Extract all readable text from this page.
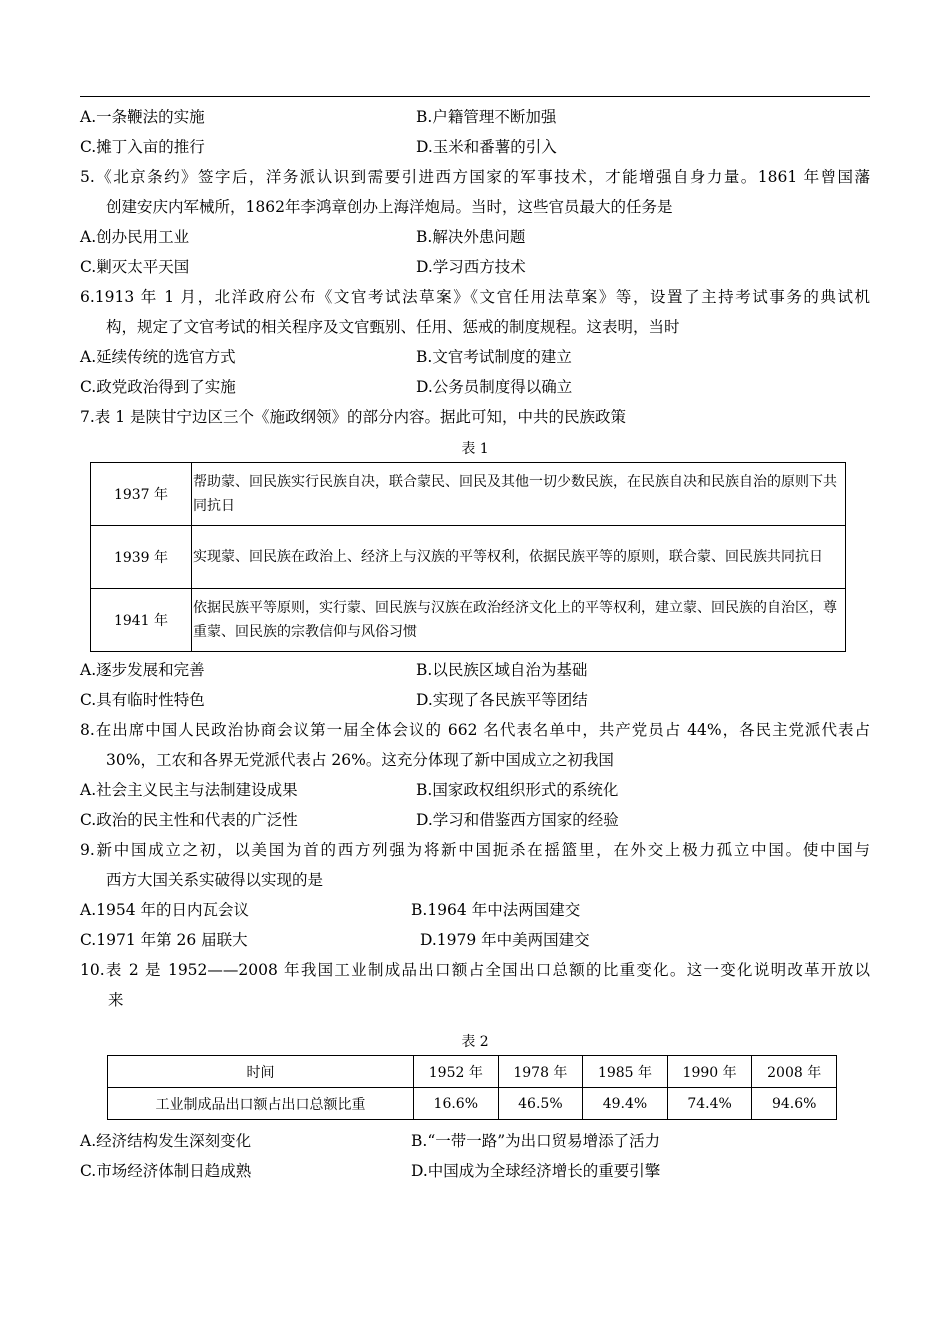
A.一条鞭法的实施	B.户籍管理不断加强
C.摊丁入亩的推行	D.玉米和番薯的引入
5.《北京条约》签字后，洋务派认识到需要引进西方国家的军事技术，才能增强自身力量。1861 年曾国藩
创建安庆内军械所，1862年李鸿章创办上海洋炮局。当时，这些官员最大的任务是
A.创办民用工业	B.解决外患问题
C.剿灭太平天国	D.学习西方技术
6.1913 年 1 月，北洋政府公布《文官考试法草案》《文官任用法草案》等，设置了主持考试事务的典试机
构，规定了文官考试的相关程序及文官甄别、任用、惩戒的制度规程。这表明，当时
A.延续传统的选官方式	B.文官考试制度的建立
C.政党政治得到了实施	D.公务员制度得以确立
7.表 1 是陕甘宁边区三个《施政纲领》的部分内容。据此可知，中共的民族政策
表 1
1937 年	帮助蒙、回民族实行民族自决，联合蒙民、回民及其他一切少数民族，在民族自决和民族自治的原则下共同抗日
1939 年	实现蒙、回民族在政治上、经济上与汉族的平等权利，依据民族平等的原则，联合蒙、回民族共同抗日
1941 年	依据民族平等原则，实行蒙、回民族与汉族在政治经济文化上的平等权利，建立蒙、回民族的自治区，尊重蒙、回民族的宗教信仰与风俗习惯
A.逐步发展和完善	B.以民族区域自治为基础
C.具有临时性特色	D.实现了各民族平等团结
8.在出席中国人民政治协商会议第一届全体会议的 662 名代表名单中，共产党员占 44%，各民主党派代表占
30%，工农和各界无党派代表占 26%。这充分体现了新中国成立之初我国
A.社会主义民主与法制建设成果	B.国家政权组织形式的系统化
C.政治的民主性和代表的广泛性	D.学习和借鉴西方国家的经验
9.新中国成立之初，以美国为首的西方列强为将新中国扼杀在摇篮里，在外交上极力孤立中国。使中国与
西方大国关系实破得以实现的是
A.1954 年的日内瓦会议	B.1964 年中法两国建交
C.1971 年第 26 届联大	D.1979 年中美两国建交
10.表 2 是 1952——2008 年我国工业制成品出口额占全国出口总额的比重变化。这一变化说明改革开放以
来
表 2
时间	1952 年	1978 年	1985 年	1990 年	2008 年
工业制成品出口额占出口总额比重	16.6%	46.5%	49.4%	74.4%	94.6%
A.经济结构发生深刻变化	B.“一带一路”为出口贸易增添了活力
C.市场经济体制日趋成熟	D.中国成为全球经济增长的重要引擎
